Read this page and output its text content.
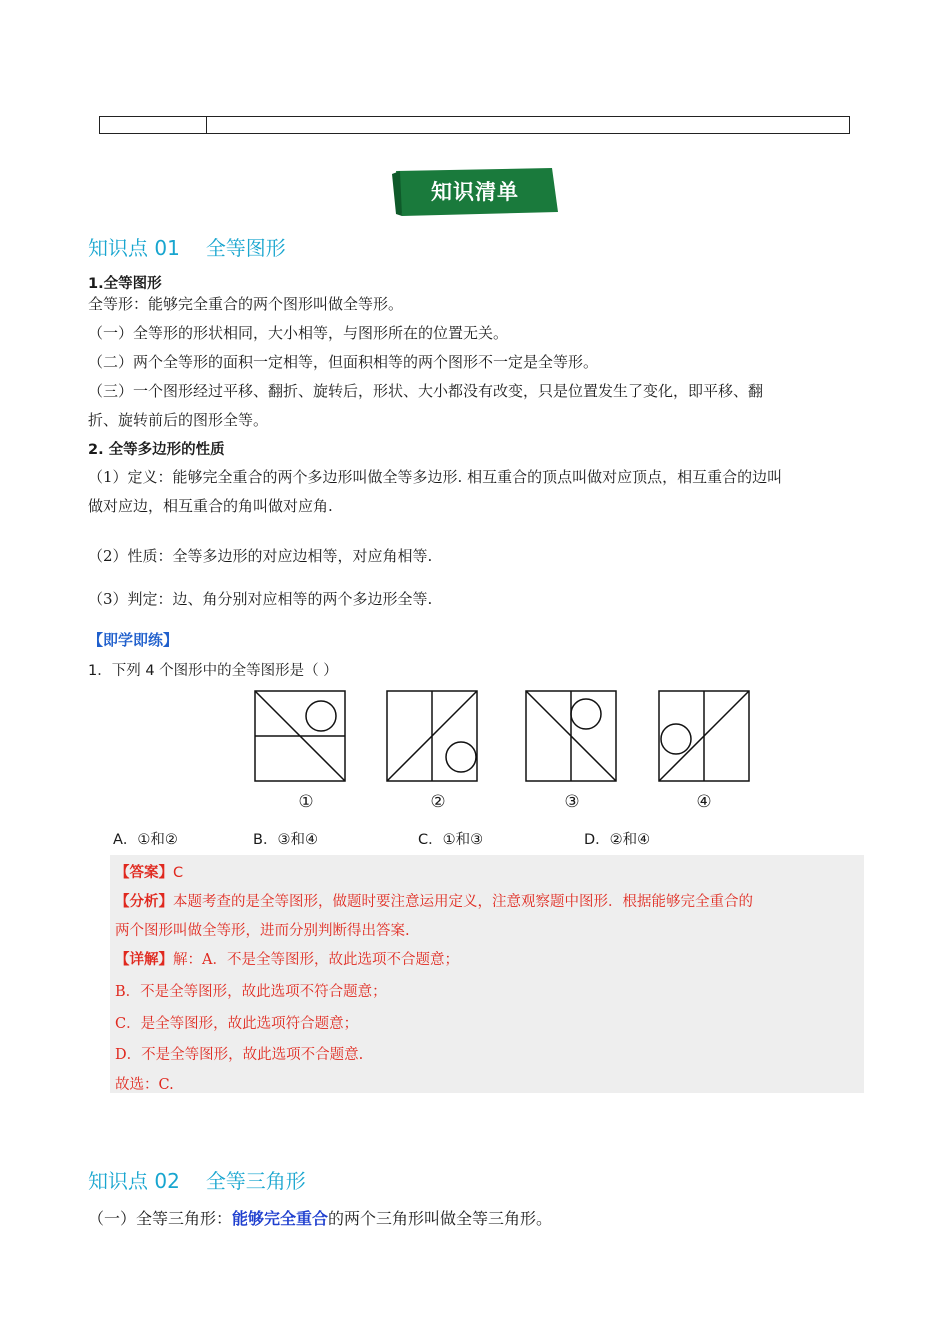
知识清单
知识点 01 全等图形
1.全等图形
全等形：能够完全重合的两个图形叫做全等形。
（一）全等形的形状相同，大小相等，与图形所在的位置无关。
（二）两个全等形的面积一定相等，但面积相等的两个图形不一定是全等形。
（三）一个图形经过平移、翻折、旋转后，形状、大小都没有改变，只是位置发生了变化，即平移、翻
折、旋转前后的图形全等。
2. 全等多边形的性质
（1）定义：能够完全重合的两个多边形叫做全等多边形. 相互重合的顶点叫做对应顶点，相互重合的边叫
做对应边，相互重合的角叫做对应角.
（2）性质：全等多边形的对应边相等，对应角相等.
（3）判定：边、角分别对应相等的两个多边形全等.
【即学即练】
1．下列 4 个图形中的全等图形是（ ）
①	②	③	④
A．①和②	B．③和④	C．①和③	D．②和④
【答案】C
【分析】本题考查的是全等图形，做题时要注意运用定义，注意观察题中图形．根据能够完全重合的
两个图形叫做全等形，进而分别判断得出答案.
【详解】解：A．不是全等图形，故此选项不合题意；
B．不是全等图形，故此选项不符合题意；
C．是全等图形，故此选项符合题意；
D．不是全等图形，故此选项不合题意.
故选：C.
知识点 02 全等三角形
（一）全等三角形：能够完全重合的两个三角形叫做全等三角形。
